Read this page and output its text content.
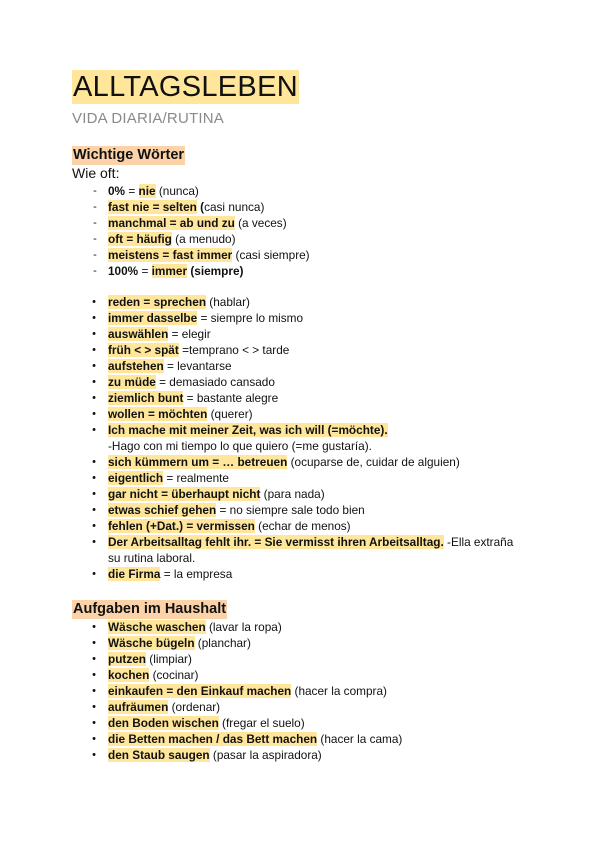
ALLTAGSLEBEN
VIDA DIARIA/RUTINA
Wichtige Wörter
Wie oft:
- 0% = nie (nunca)
- fast nie = selten (casi nunca)
- manchmal = ab und zu (a veces)
- oft = häufig (a menudo)
- meistens = fast immer (casi siempre)
- 100% = immer (siempre)
• reden = sprechen (hablar)
• immer dasselbe = siempre lo mismo
• auswählen = elegir
• früh < > spät =temprano < > tarde
• aufstehen = levantarse
• zu müde = demasiado cansado
• ziemlich bunt = bastante alegre
• wollen = möchten (querer)
• Ich mache mit meiner Zeit, was ich will (=möchte).
-Hago con mi tiempo lo que quiero (=me gustaría).
• sich kümmern um = … betreuen (ocuparse de, cuidar de alguien)
• eigentlich = realmente
• gar nicht = überhaupt nicht (para nada)
• etwas schief gehen = no siempre sale todo bien
• fehlen (+Dat.) = vermissen (echar de menos)
• Der Arbeitsalltag fehlt ihr. = Sie vermisst ihren Arbeitsalltag. -Ella extraña
su rutina laboral.
• die Firma = la empresa
Aufgaben im Haushalt
• Wäsche waschen (lavar la ropa)
• Wäsche bügeln (planchar)
• putzen (limpiar)
• kochen (cocinar)
• einkaufen = den Einkauf machen (hacer la compra)
• aufräumen (ordenar)
• den Boden wischen (fregar el suelo)
• die Betten machen / das Bett machen (hacer la cama)
• den Staub saugen (pasar la aspiradora)
